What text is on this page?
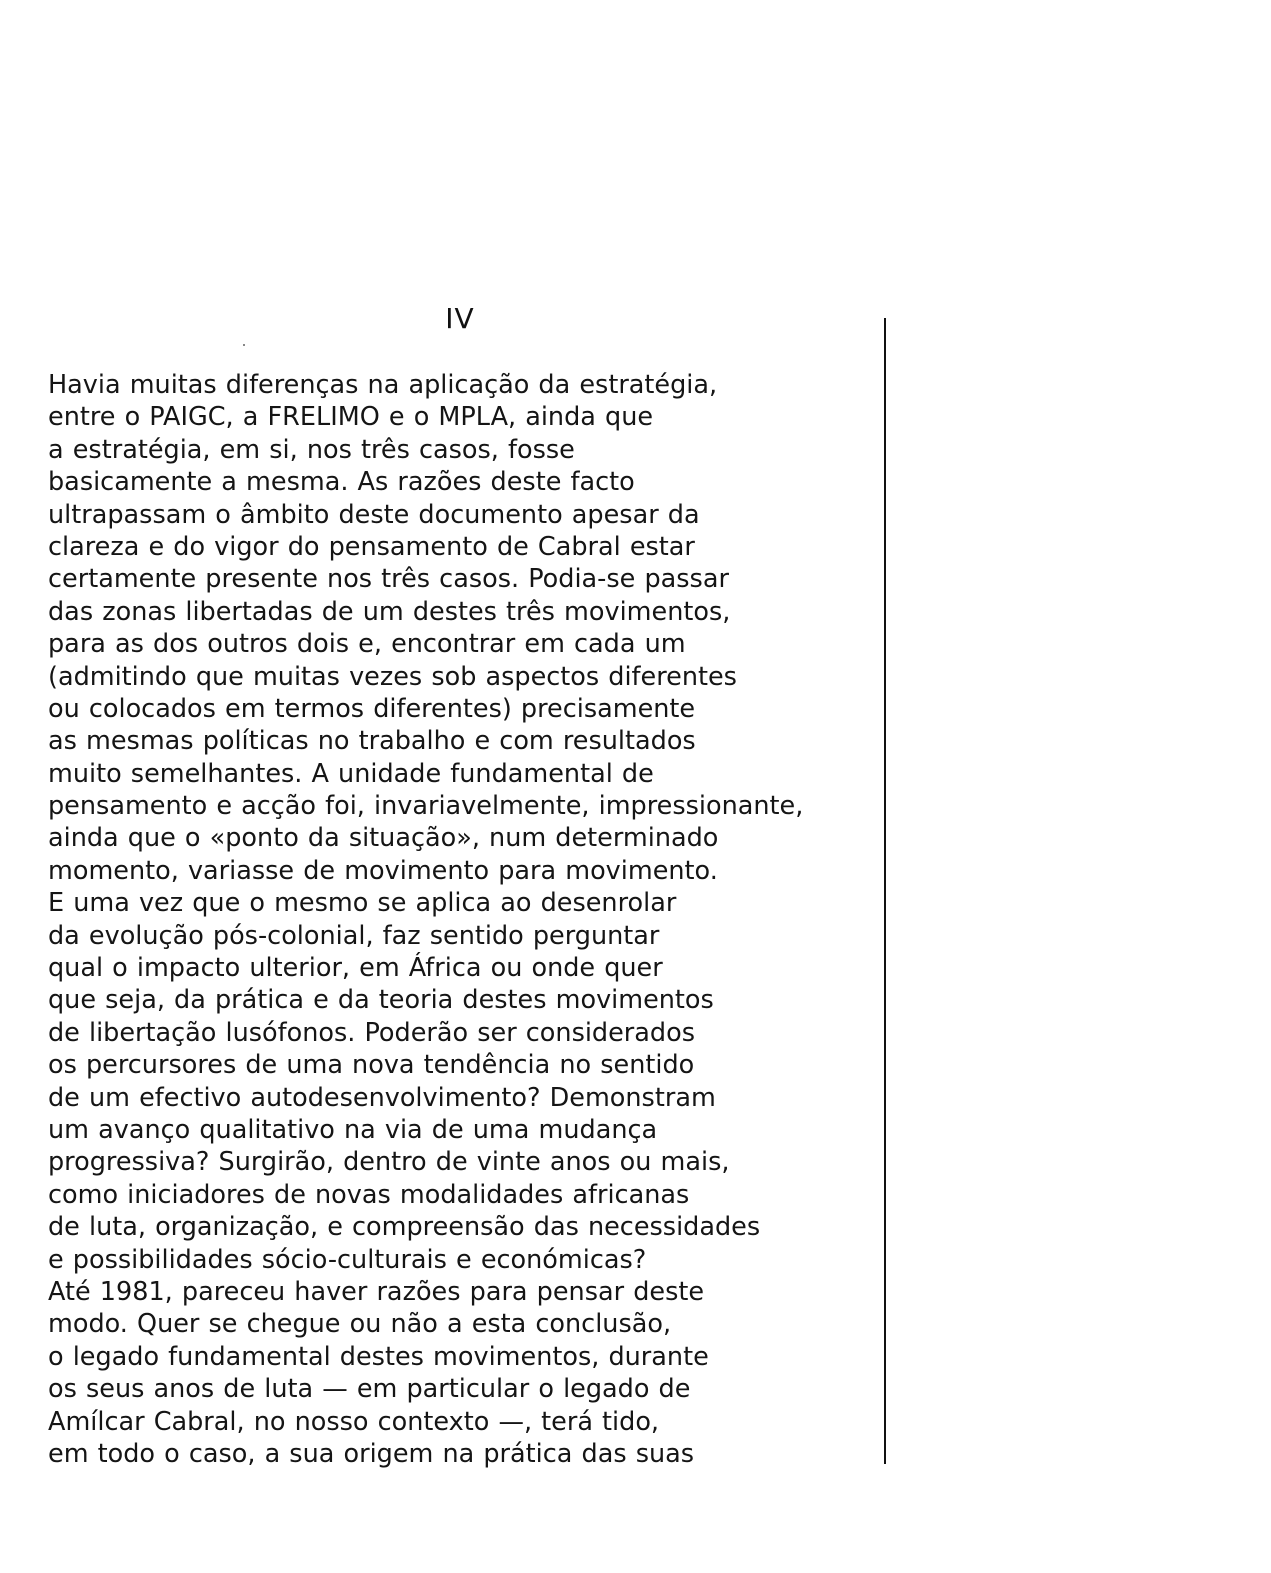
IV
Havia muitas diferenças na aplicação da estratégia,
entre o PAIGC, a FRELIMO e o MPLA, ainda que
a estratégia, em si, nos três casos, fosse
basicamente a mesma. As razões deste facto
ultrapassam o âmbito deste documento apesar da
clareza e do vigor do pensamento de Cabral estar
certamente presente nos três casos. Podia-se passar
das zonas libertadas de um destes três movimentos,
para as dos outros dois e, encontrar em cada um
(admitindo que muitas vezes sob aspectos diferentes
ou colocados em termos diferentes) precisamente
as mesmas políticas no trabalho e com resultados
muito semelhantes. A unidade fundamental de
pensamento e acção foi, invariavelmente, impressionante,
ainda que o «ponto da situação», num determinado
momento, variasse de movimento para movimento.
E uma vez que o mesmo se aplica ao desenrolar
da evolução pós-colonial, faz sentido perguntar
qual o impacto ulterior, em África ou onde quer
que seja, da prática e da teoria destes movimentos
de libertação lusófonos. Poderão ser considerados
os percursores de uma nova tendência no sentido
de um efectivo autodesenvolvimento? Demonstram
um avanço qualitativo na via de uma mudança
progressiva? Surgirão, dentro de vinte anos ou mais,
como iniciadores de novas modalidades africanas
de luta, organização, e compreensão das necessidades
e possibilidades sócio-culturais e económicas?
Até 1981, pareceu haver razões para pensar deste
modo. Quer se chegue ou não a esta conclusão,
o legado fundamental destes movimentos, durante
os seus anos de luta — em particular o legado de
Amílcar Cabral, no nosso contexto —, terá tido,
em todo o caso, a sua origem na prática das suas
